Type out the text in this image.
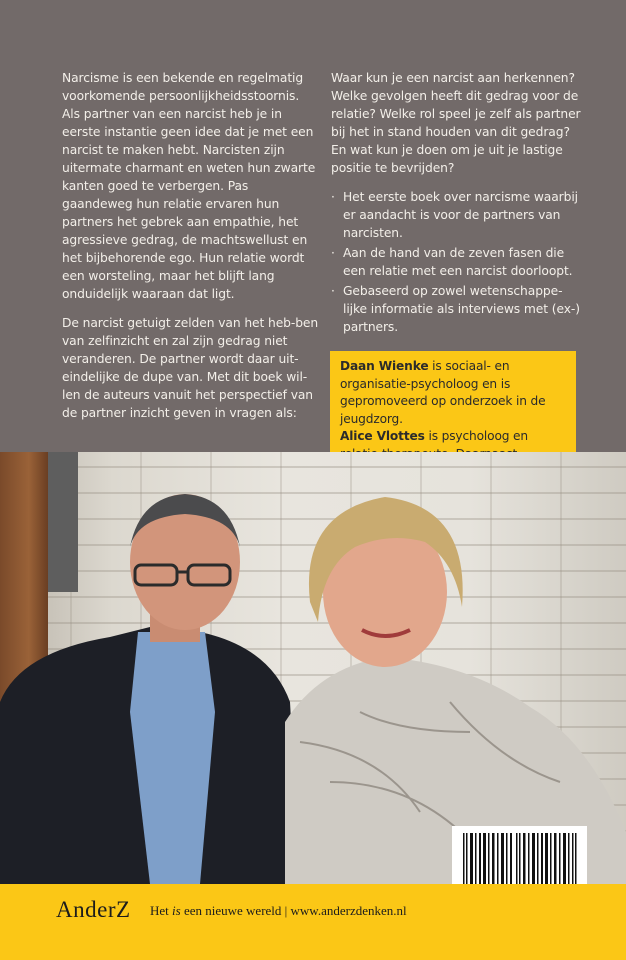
Narcisme is een bekende en regelmatig voorkomende persoonlijkheidsstoornis. Als partner van een narcist heb je in eerste instantie geen idee dat je met een narcist te maken hebt. Narcisten zijn uitermate charmant en weten hun zwarte kanten goed te verbergen. Pas gaandeweg hun relatie ervaren hun partners het gebrek aan empathie, het agressieve gedrag, de machtswellust en het bijbehorende ego. Hun relatie wordt een worsteling, maar het blijft lang onduidelijk waaraan dat ligt.

De narcist getuigt zelden van het heb-ben van zelfinzicht en zal zijn gedrag niet veranderen. De partner wordt daar uit-eindelijke de dupe van. Met dit boek wil-len de auteurs vanuit het perspectief van de partner inzicht geven in vragen als:

Waar kun je een narcist aan herkennen? Welke gevolgen heeft dit gedrag voor de relatie? Welke rol speel je zelf als partner bij het in stand houden van dit gedrag? En wat kun je doen om je uit je lastige positie te bevrijden?

· Het eerste boek over narcisme waarbij er aandacht is voor de partners van narcisten.
· Aan de hand van de zeven fasen die een relatie met een narcist doorloopt.
· Gebaseerd op zowel wetenschappe-lijke informatie als interviews met (ex-) partners.

Daan Wienke is sociaal- en organisatie-psycholoog en is gepromoveerd op onderzoek in de jeugdzorg.

Alice Vlottes is psycholoog en

AnderZ Het is een nieuwe wereld | www.anderzdenken.nl
